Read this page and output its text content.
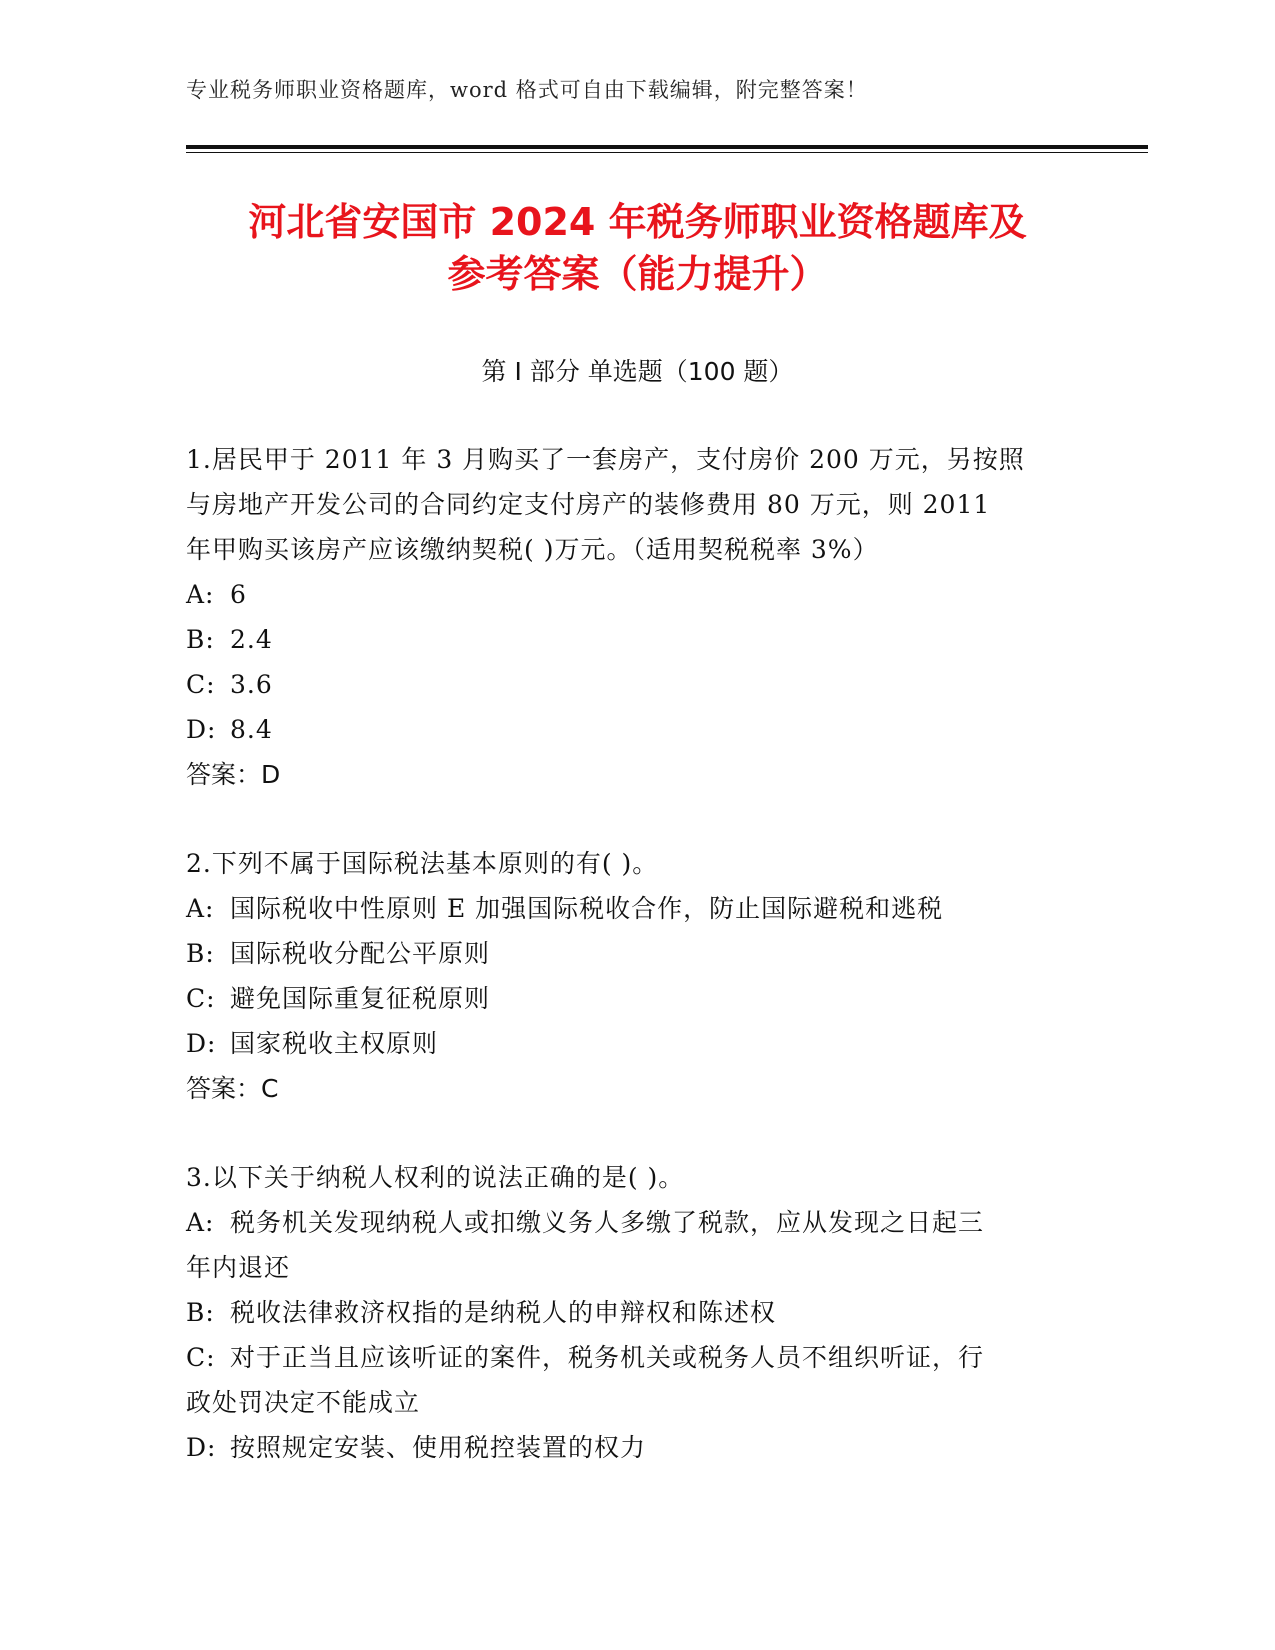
专业税务师职业资格题库，word 格式可自由下载编辑，附完整答案！
河北省安国市 2024 年税务师职业资格题库及
参考答案（能力提升）
第 I 部分 单选题（100 题）
1.居民甲于 2011 年 3 月购买了一套房产，支付房价 200 万元，另按照
与房地产开发公司的合同约定支付房产的装修费用 80 万元，则 2011
年甲购买该房产应该缴纳契税( )万元。（适用契税税率 3%）
A: 6
B: 2.4
C: 3.6
D: 8.4
答案：D
2.下列不属于国际税法基本原则的有( )。
A: 国际税收中性原则 E 加强国际税收合作，防止国际避税和逃税
B: 国际税收分配公平原则
C: 避免国际重复征税原则
D: 国家税收主权原则
答案：C
3.以下关于纳税人权利的说法正确的是( )。
A: 税务机关发现纳税人或扣缴义务人多缴了税款，应从发现之日起三
年内退还
B: 税收法律救济权指的是纳税人的申辩权和陈述权
C: 对于正当且应该听证的案件，税务机关或税务人员不组织听证，行
政处罚决定不能成立
D: 按照规定安装、使用税控装置的权力
